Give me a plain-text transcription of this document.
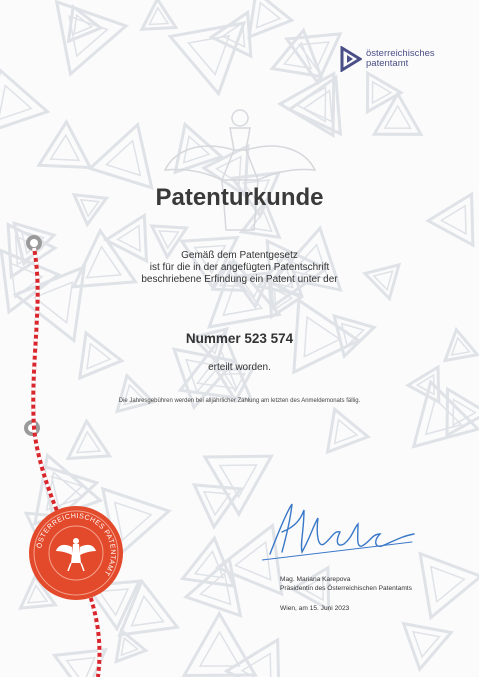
österreichisches
patentamt
Patenturkunde
Gemäß dem Patentgesetz
ist für die in der angefügten Patentschrift
beschriebene Erfindung ein Patent unter der
Nummer 523 574
erteilt worden.
Die Jahresgebühren werden bei alljährlicher Zahlung am letzten des Anmeldemonats fällig.
Mag. Mariana Karepova
Präsidentin des Österreichischen Patentamts
Wien, am 15. Juni 2023
ÖSTERREICHISCHES PATENTAMT
